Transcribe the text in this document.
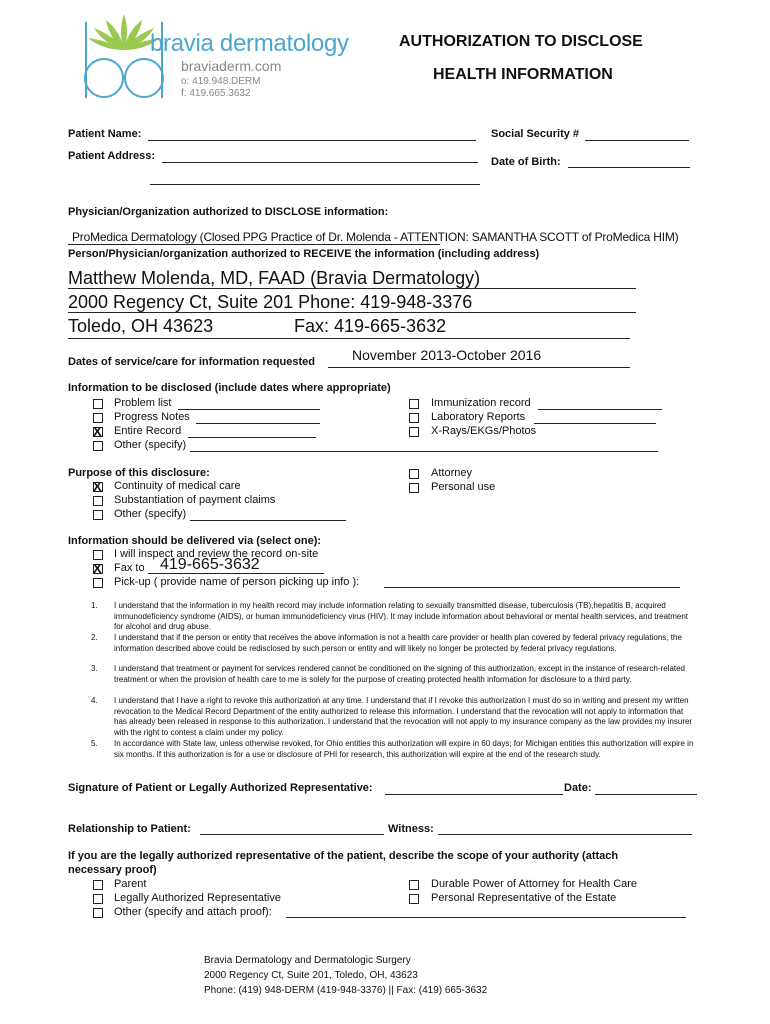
bravia dermatology
braviaderm.com
o: 419.948.DERM
f: 419.665.3632
AUTHORIZATION TO DISCLOSE
HEALTH INFORMATION
Patient Name:	Social Security #
Patient Address:	Date of Birth:
Physician/Organization authorized to DISCLOSE information:
ProMedica Dermatology (Closed PPG Practice of Dr. Molenda - ATTENTION: SAMANTHA SCOTT of ProMedica HIM)
Person/Physician/organization authorized to RECEIVE the information (including address)
Matthew Molenda, MD, FAAD (Bravia Dermatology)
2000 Regency Ct, Suite 201 Phone: 419-948-3376
Toledo, OH 43623	Fax: 419-665-3632
Dates of service/care for information requested	November 2013-October 2016
Information to be disclosed (include dates where appropriate)
Problem list
Progress Notes
X Entire Record
Other (specify)
Immunization record
Laboratory Reports
X-Rays/EKGs/Photos
Purpose of this disclosure:
X Continuity of medical care
Substantiation of payment claims
Other (specify)
Attorney
Personal use
Information should be delivered via (select one):
I will inspect and review the record on-site
X Fax to 419-665-3632
Pick-up ( provide name of person picking up info ):
1. I understand that the information in my health record may include information relating to sexually transmitted disease, tuberculosis (TB),hepatitis B, acquired immunodeficiency syndrome (AIDS), or human immunodeficiency virus (HIV). It may include information about behavioral or mental health services, and treatment for alcohol and drug abuse.
2. I understand that if the person or entity that receives the above information is not a health care provider or health plan covered by federal privacy regulations, the information described above could be redisclosed by such person or entity and will likely no longer be protected by federal privacy regulations.
3. I understand that treatment or payment for services rendered cannot be conditioned on the signing of this authorization, except in the instance of research-related treatment or when the provision of health care to me is solely for the purpose of creating protected health information for disclosure to a third party.
4. I understand that I have a right to revoke this authorization at any time. I understand that if I revoke this authorization I must do so in writing and present my written revocation to the Medical Record Department of the entity authorized to release this information. I understand that the revocation will not apply to information that has already been released in response to this authorization. I understand that the revocation will not apply to my insurance company as the law provides my insurer with the right to contest a claim under my policy.
5. In accordance with State law, unless otherwise revoked, for Ohio entities this authorization will expire in 60 days; for Michigan entities this authorization will expire in six months. If this authorization is for a use or disclosure of PHI for research, this authorization will expire at the end of the research study.
Signature of Patient or Legally Authorized Representative:	Date:
Relationship to Patient:	Witness:
If you are the legally authorized representative of the patient, describe the scope of your authority (attach
necessary proof)
Parent
Legally Authorized Representative
Other (specify and attach proof):
Durable Power of Attorney for Health Care
Personal Representative of the Estate
Bravia Dermatology and Dermatologic Surgery
2000 Regency Ct, Suite 201, Toledo, OH, 43623
Phone: (419) 948-DERM (419-948-3376) || Fax: (419) 665-3632
